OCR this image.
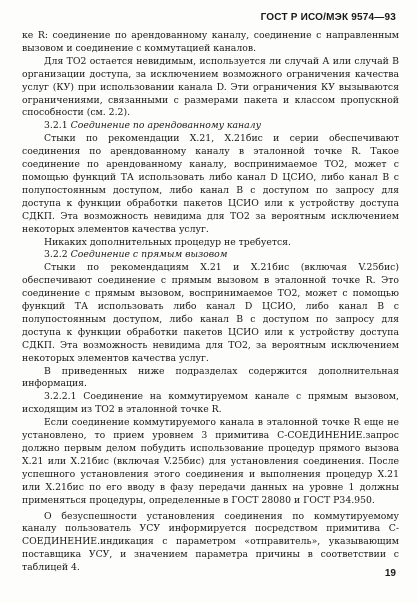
ГОСТ Р ИСО/МЭК 9574—93

ке R: соединение по арендованному каналу, соединение с направленным вызовом и соединение с коммутацией каналов.

Для ТО2 остается невидимым, используется ли случай А или случай В организации доступа, за исключением возможного ограничения качества услуг (КУ) при использовании канала D. Эти ограничения КУ вызываются ограничениями, связанными с размерами пакета и классом пропускной способности (см. 2.2).

3.2.1 Соединение по арендованному каналу

Стыки по рекомендации X.21, X.21бис и серии обеспечивают соединения по арендованному каналу в эталонной точке R. Такое соединение по арендованному каналу, воспринимаемое ТО2, может с помощью функций ТА использовать либо канал D ЦСИО, либо канал В с полупостоянным доступом, либо канал В с доступом по запросу для доступа к функции обработки пакетов ЦСИО или к устройству доступа СДКП. Эта возможность невидима для ТО2 за вероятным исключением некоторых элементов качества услуг.

Никаких дополнительных процедур не требуется.

3.2.2 Соединение с прямым вызовом

Стыки по рекомендациям X.21 и X.21бис (включая V.25бис) обеспечивают соединение с прямым вызовом в эталонной точке R. Это соединение с прямым вызовом, воспринимаемое ТО2, может с помощью функций ТА использовать либо канал D ЦСИО, либо канал В с полупостоянным доступом, либо канал В с доступом по запросу для доступа к функции обработки пакетов ЦСИО или к устройству доступа СДКП. Эта возможность невидима для ТО2, за вероятным исключением некоторых элементов качества услуг.

В приведенных ниже подразделах содержится дополнительная информация.

3.2.2.1 Соединение на коммутируемом канале с прямым вызовом, исходящим из ТО2 в эталонной точке R.

Если соединение коммутируемого канала в эталонной точке R еще не установлено, то прием уровнем 3 примитива С-СОЕДИНЕНИЕ.запрос должно первым делом побудить использование процедур прямого вызова X.21 или X.21бис (включая V.25бис) для установления соединения. После успешного установления этого соединения и выполнения процедур X.21 или X.21бис по его вводу в фазу передачи данных на уровне 1 должны применяться процедуры, определенные в ГОСТ 28080 и ГОСТ Р34.950.

О безуспешности установления соединения по коммутируемому каналу пользователь УСУ информируется посредством примитива С-СОЕДИНЕНИЕ.индикация с параметром «отправитель», указывающим поставщика УСУ, и значением параметра причины в соответствии с таблицей 4.

19
